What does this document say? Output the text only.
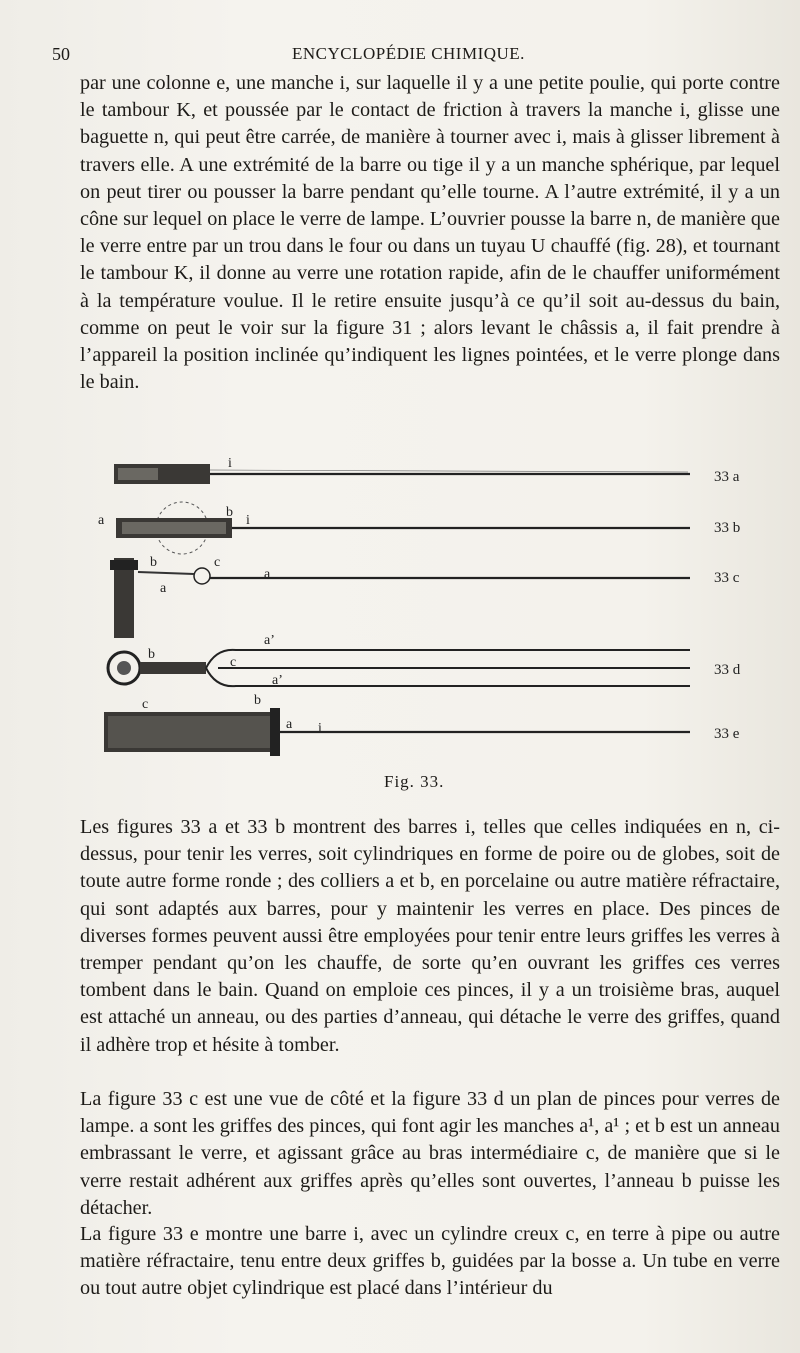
50	ENCYCLOPÉDIE CHIMIQUE.

par une colonne e, une manche i, sur laquelle il y a une petite poulie, qui porte contre le tambour K, et poussée par le contact de friction à travers la manche i, glisse une baguette n, qui peut être carrée, de manière à tourner avec i, mais à glisser librement à travers elle. A une extrémité de la barre ou tige il y a un manche sphérique, par lequel on peut tirer ou pousser la barre pendant qu’elle tourne. A l’autre extrémité, il y a un cône sur lequel on place le verre de lampe. L’ouvrier pousse la barre n, de manière que le verre entre par un trou dans le four ou dans un tuyau U chauffé (fig. 28), et tournant le tambour K, il donne au verre une rotation rapide, afin de le chauffer uniformément à la température voulue. Il le retire ensuite jusqu’à ce qu’il soit au-dessus du bain, comme on peut le voir sur la figure 31 ; alors levant le châssis a, il fait prendre à l’appareil la position inclinée qu’indiquent les lignes pointées, et le verre plonge dans le bain.

i
33 a
a
b
i	33 b
b	c
a
a
33 c
a’
b
c
a’
33 d
c	b
a i	33 e
Fig. 33.

Les figures 33 a et 33 b montrent des barres i, telles que celles indiquées en n, ci-dessus, pour tenir les verres, soit cylindriques en forme de poire ou de globes, soit de toute autre forme ronde ; des colliers a et b, en porcelaine ou autre matière réfractaire, qui sont adaptés aux barres, pour y maintenir les verres en place. Des pinces de diverses formes peuvent aussi être employées pour tenir entre leurs griffes les verres à tremper pendant qu’on les chauffe, de sorte qu’en ouvrant les griffes ces verres tombent dans le bain. Quand on emploie ces pinces, il y a un troisième bras, auquel est attaché un anneau, ou des parties d’anneau, qui détache le verre des griffes, quand il adhère trop et hésite à tomber.

La figure 33 c est une vue de côté et la figure 33 d un plan de pinces pour verres de lampe. a sont les griffes des pinces, qui font agir les manches a¹, a¹ ; et b est un anneau embrassant le verre, et agissant grâce au bras intermédiaire c, de manière que si le verre restait adhérent aux griffes après qu’elles sont ouvertes, l’anneau b puisse les détacher.

La figure 33 e montre une barre i, avec un cylindre creux c, en terre à pipe ou autre matière réfractaire, tenu entre deux griffes b, guidées par la bosse a. Un tube en verre ou tout autre objet cylindrique est placé dans l’intérieur du
